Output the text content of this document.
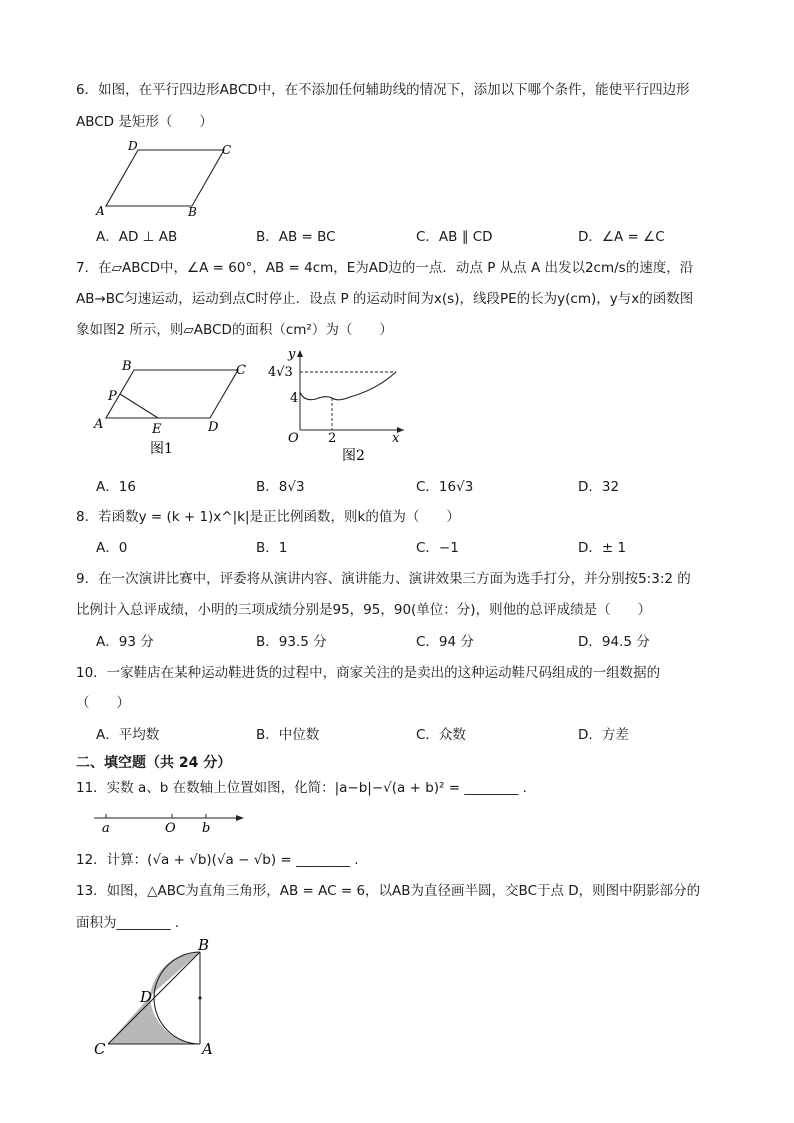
6．如图，在平行四边形ABCD中，在不添加任何辅助线的情况下，添加以下哪个条件，能使平行四边形
ABCD 是矩形（　　）
D	C
A	B
A．AD ⊥ AB	B．AB = BC	C．AB ∥ CD	D．∠A = ∠C
7．在▱ABCD中，∠A = 60°，AB = 4cm，E为AD边的一点．动点 P 从点 A 出发以2cm/s的速度，沿
AB→BC匀速运动，运动到点C时停止．设点 P 的运动时间为x(s)，线段PE的长为y(cm)，y与x的函数图
象如图2 所示，则▱ABCD的面积（cm²）为（　　）
B	C
P
A	E	D
图1
y
4√3
4
O 2	x
图2
A．16	B．8√3	C．16√3	D．32
8．若函数y = (k + 1)x^|k|是正比例函数，则k的值为（　　）
A．0	B．1	C．−1	D．± 1
9．在一次演讲比赛中，评委将从演讲内容、演讲能力、演讲效果三方面为选手打分，并分别按5:3:2 的
比例计入总评成绩，小明的三项成绩分别是95，95，90(单位：分)，则他的总评成绩是（　　）
A．93 分	B．93.5 分	C．94 分	D．94.5 分
10．一家鞋店在某种运动鞋进货的过程中，商家关注的是卖出的这种运动鞋尺码组成的一组数据的
（　　）
A．平均数	B．中位数	C．众数	D．方差
二、填空题（共 24 分）
11．实数 a、b 在数轴上位置如图，化简：|a−b|−√(a + b)² = ________ .
a	O b
12．计算：(√a + √b)(√a − √b) = ________ .
13．如图，△ABC为直角三角形，AB = AC = 6，以AB为直径画半圆，交BC于点 D，则图中阴影部分的
面积为________ .
B
D
C	A
